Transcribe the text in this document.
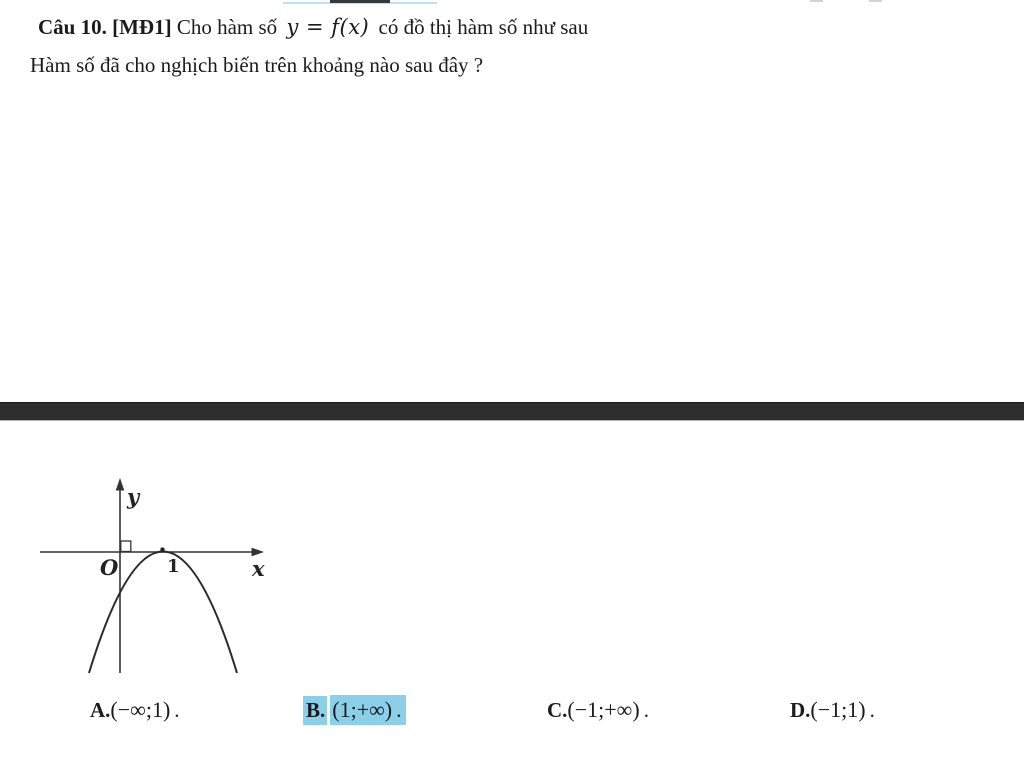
Câu 10. [MĐ1] Cho hàm số y = f(x) có đồ thị hàm số như sau
Hàm số đã cho nghịch biến trên khoảng nào sau đây ?
y
x
O	1
A.(−∞;1) .	B. (1;+∞) .	C.(−1;+∞) .	D.(−1;1) .
